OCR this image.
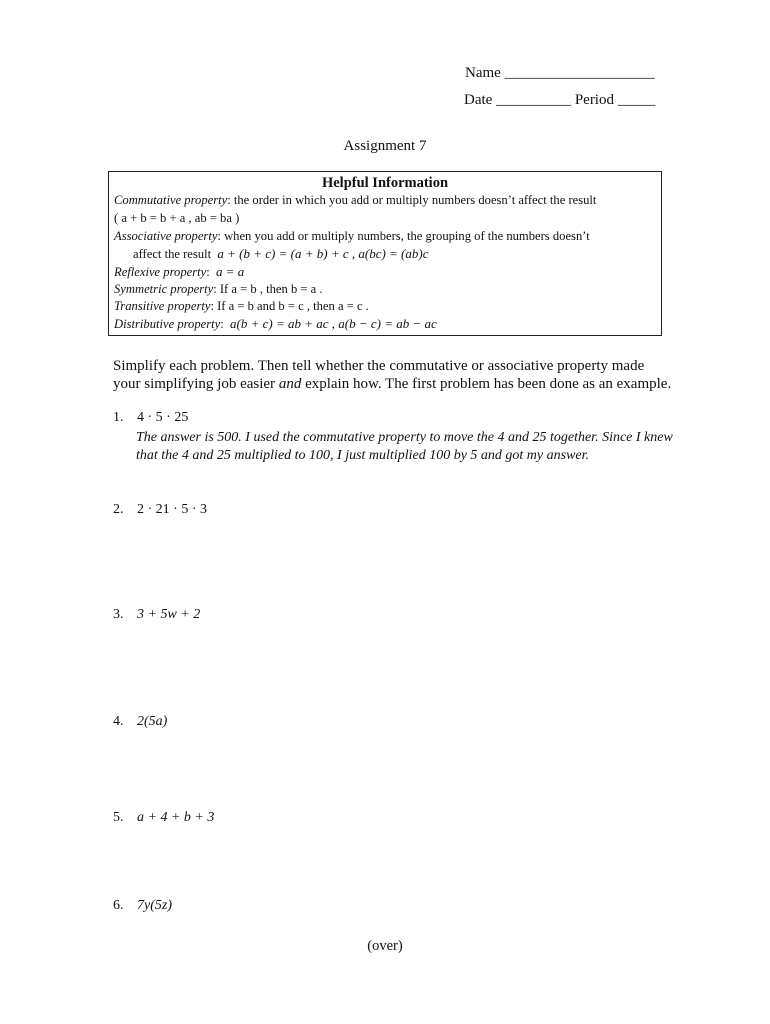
Name ____________________
Date __________ Period _____
Assignment 7
Helpful Information
Commutative property: the order in which you add or multiply numbers doesn’t affect the result
( a + b = b + a , ab = ba )
Associative property: when you add or multiply numbers, the grouping of the numbers doesn’t
affect the result a + (b + c) = (a + b) + c , a(bc) = (ab)c
Reflexive property:  a = a
Symmetric property: If a = b , then b = a .
Transitive property: If a = b and b = c , then a = c .
Distributive property:  a(b + c) = ab + ac , a(b − c) = ab − ac
Simplify each problem. Then tell whether the commutative or associative property made your simplifying job easier and explain how. The first problem has been done as an example.
1. 4 · 5 · 25
The answer is 500. I used the commutative property to move the 4 and 25 together. Since I knew that the 4 and 25 multiplied to 100, I just multiplied 100 by 5 and got my answer.
2. 2 · 21 · 5 · 3
3. 3 + 5w + 2
4. 2(5a)
5. a + 4 + b + 3
6. 7y(5z)
(over)
